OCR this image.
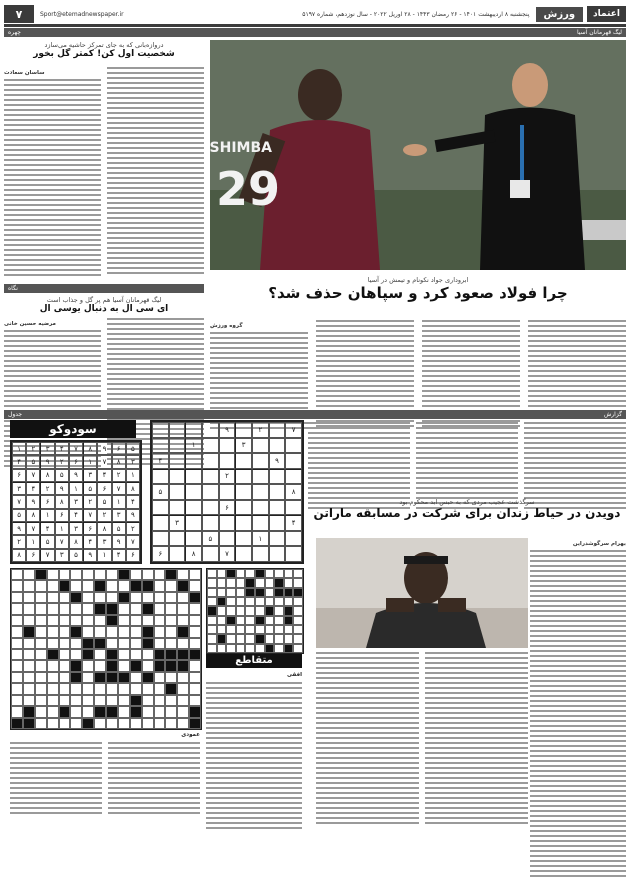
اعتماد
ورزش
پنجشنبه ۸ اردیبهشت ۱۴۰۱ - ۲۶ رمضان ۱۴۴۳ - ۲۸ آوریل ۲۰۲۲ - سال نوزدهم، شماره ۵۱۹۷
Sport@etemadnewspaper.ir
۷
چهره
دروازه‌بانی که به جای تمرکز حاشیه می‌سازد
شخصیت اول کن! کمتر گل بخور
ساسان سعادت
نگاه
لیگ قهرمانان آسیا هم پر گل و جذاب است
ای سی ال به دنبال یوسی ال
مرضیه حسین خانی
لیگ قهرمانان آسیا
29
SHIMBA
ابروداری جواد نکونام و تیمش در آسیا
چرا فولاد صعود کرد و سپاهان حذف شد؟
گروه ورزش
جدول
سودوکو
۵
۶
۹
۸
۷
۴
۳
۲
۱
۳
۸
۷
۱
۶
۲
۹
۵
۴
۱
۲
۴
۳
۹
۵
۸
۷
۶
۸
۷
۶
۵
۱
۹
۲
۴
۳
۴
۱
۵
۲
۳
۸
۶
۹
۷
۹
۳
۲
۷
۴
۶
۱
۸
۵
۲
۵
۸
۶
۳
۱
۴
۷
۹
۷
۹
۳
۴
۸
۷
۵
۱
۲
۶
۴
۱
۹
۵
۳
۷
۶
۸
۷
۲
۹
۳
۱
۹
۴
۲
۸
۵
۶
۴
۳
۱
۵
۷
۸
۶
متقاطع
افقی
عمودی
گزارش
سرگذشت عجیب مردی که به حبس ابد محکوم بود
دویدن در حیاط زندان برای شرکت در مسابقه ماراتن
بهرام سرگوشدراین
